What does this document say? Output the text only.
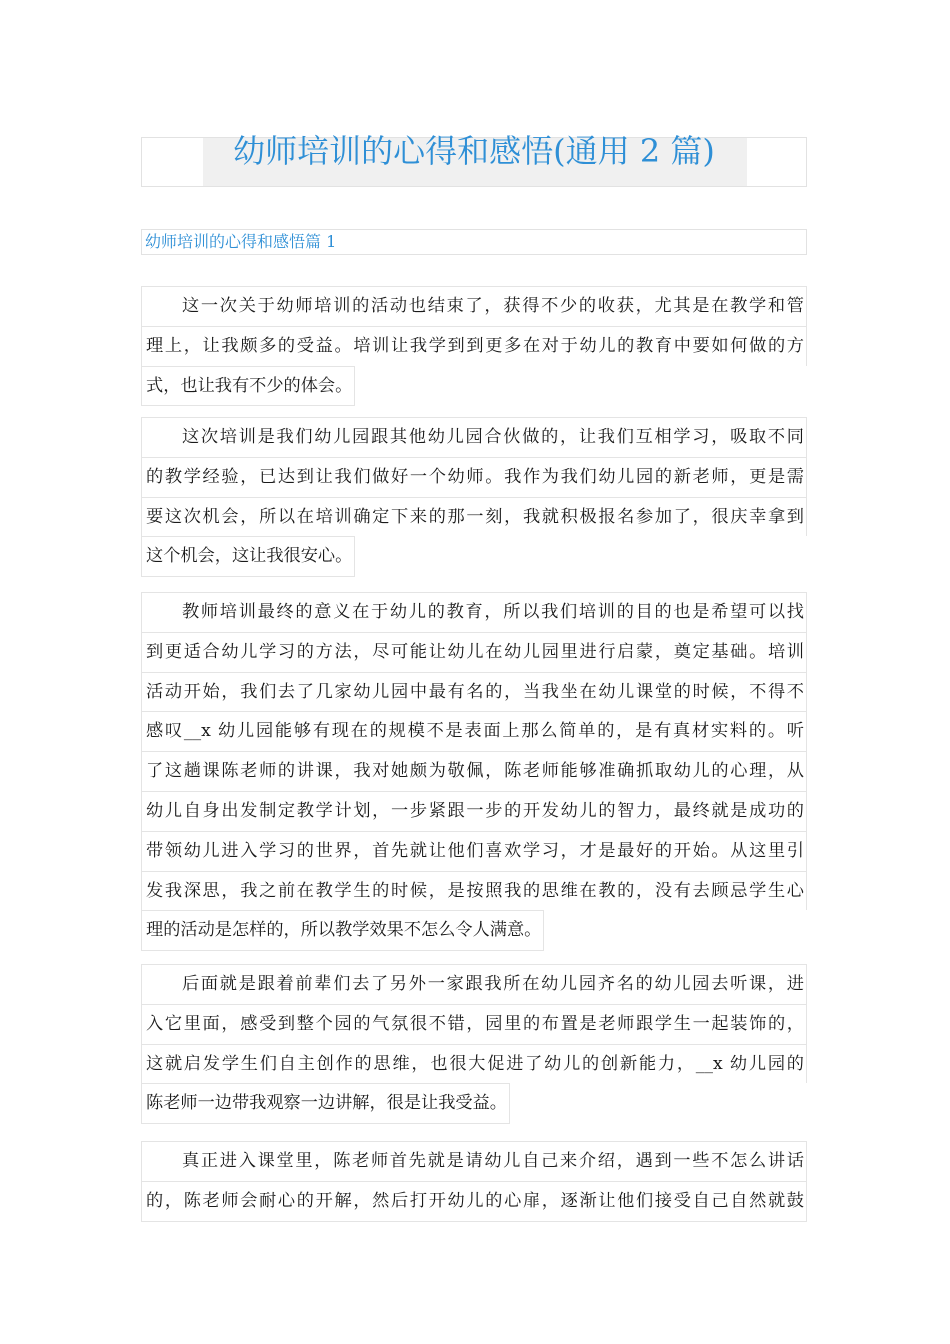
幼师培训的心得和感悟(通用 2 篇)
幼师培训的心得和感悟篇 1
这一次关于幼师培训的活动也结束了，获得不少的收获，尤其是在教学和管
理上，让我颇多的受益。培训让我学到到更多在对于幼儿的教育中要如何做的方
式，也让我有不少的体会。
这次培训是我们幼儿园跟其他幼儿园合伙做的，让我们互相学习，吸取不同
的教学经验，已达到让我们做好一个幼师。我作为我们幼儿园的新老师，更是需
要这次机会，所以在培训确定下来的那一刻，我就积极报名参加了，很庆幸拿到
这个机会，这让我很安心。
教师培训最终的意义在于幼儿的教育，所以我们培训的目的也是希望可以找
到更适合幼儿学习的方法，尽可能让幼儿在幼儿园里进行启蒙，奠定基础。培训
活动开始，我们去了几家幼儿园中最有名的，当我坐在幼儿课堂的时候，不得不
感叹__x 幼儿园能够有现在的规模不是表面上那么简单的，是有真材实料的。听
了这趟课陈老师的讲课，我对她颇为敬佩，陈老师能够准确抓取幼儿的心理，从
幼儿自身出发制定教学计划，一步紧跟一步的开发幼儿的智力，最终就是成功的
带领幼儿进入学习的世界，首先就让他们喜欢学习，才是最好的开始。从这里引
发我深思，我之前在教学生的时候，是按照我的思维在教的，没有去顾忌学生心
理的活动是怎样的，所以教学效果不怎么令人满意。
后面就是跟着前辈们去了另外一家跟我所在幼儿园齐名的幼儿园去听课，进
入它里面，感受到整个园的气氛很不错，园里的布置是老师跟学生一起装饰的，
这就启发学生们自主创作的思维，也很大促进了幼儿的创新能力，__x 幼儿园的
陈老师一边带我观察一边讲解，很是让我受益。
真正进入课堂里，陈老师首先就是请幼儿自己来介绍，遇到一些不怎么讲话
的，陈老师会耐心的开解，然后打开幼儿的心扉，逐渐让他们接受自己自然就鼓
